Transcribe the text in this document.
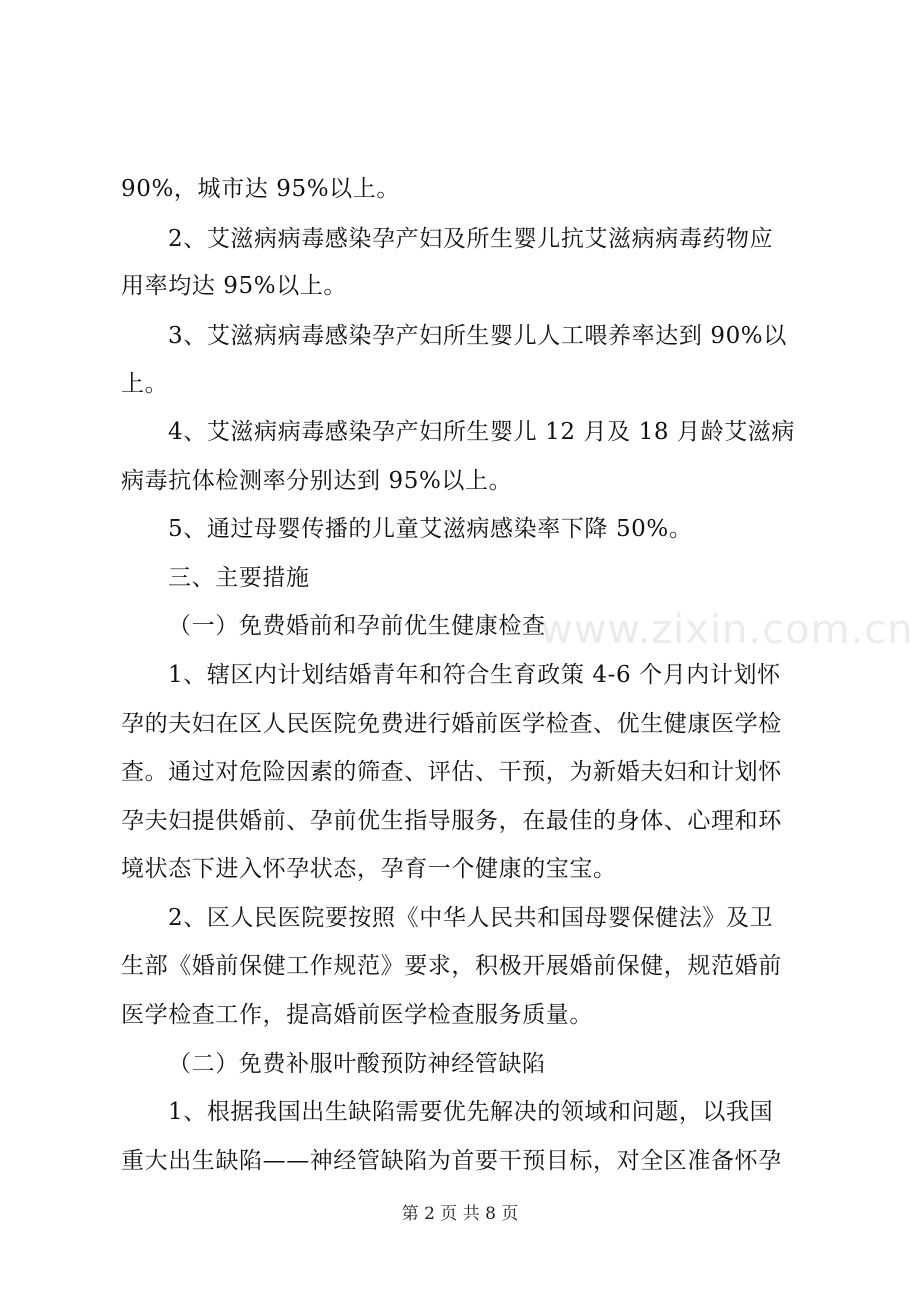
90%，城市达 95%以上。
2、艾滋病病毒感染孕产妇及所生婴儿抗艾滋病病毒药物应
用率均达 95%以上。
3、艾滋病病毒感染孕产妇所生婴儿人工喂养率达到 90%以
上。
4、艾滋病病毒感染孕产妇所生婴儿 12 月及 18 月龄艾滋病
病毒抗体检测率分别达到 95%以上。
5、通过母婴传播的儿童艾滋病感染率下降 50%。
三、主要措施
（一）免费婚前和孕前优生健康检查
1、辖区内计划结婚青年和符合生育政策 4-6 个月内计划怀
孕的夫妇在区人民医院免费进行婚前医学检查、优生健康医学检
查。通过对危险因素的筛查、评估、干预，为新婚夫妇和计划怀
孕夫妇提供婚前、孕前优生指导服务，在最佳的身体、心理和环
境状态下进入怀孕状态，孕育一个健康的宝宝。
2、区人民医院要按照《中华人民共和国母婴保健法》及卫
生部《婚前保健工作规范》要求，积极开展婚前保健，规范婚前
医学检查工作，提高婚前医学检查服务质量。
（二）免费补服叶酸预防神经管缺陷
1、根据我国出生缺陷需要优先解决的领域和问题，以我国
重大出生缺陷——神经管缺陷为首要干预目标，对全区准备怀孕
www.zixin.com.cn
第 2 页 共 8 页
